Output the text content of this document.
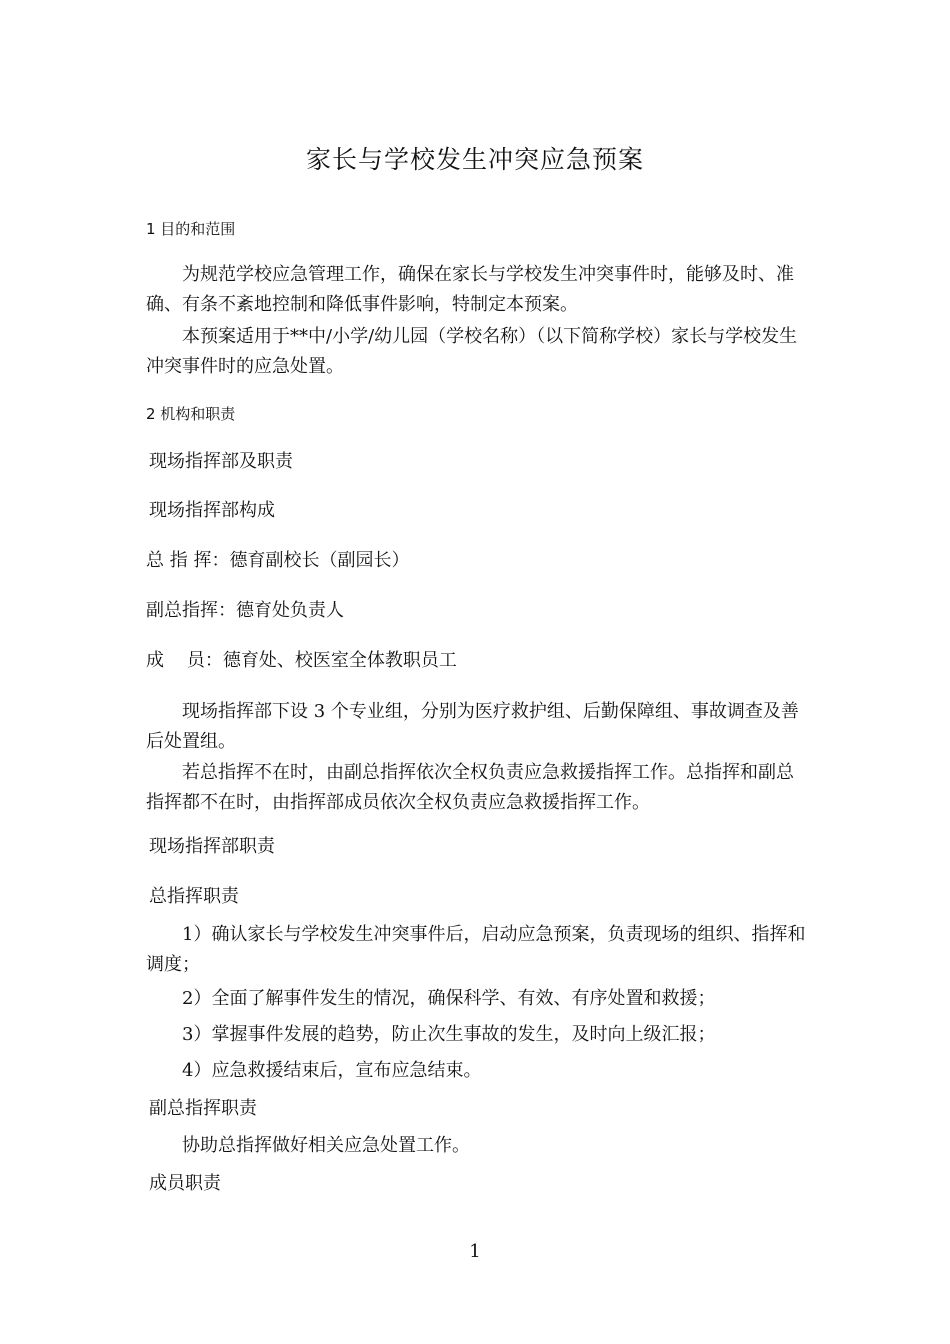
家长与学校发生冲突应急预案
1 目的和范围

为规范学校应急管理工作，确保在家长与学校发生冲突事件时，能够及时、准确、有条不紊地控制和降低事件影响，特制定本预案。

本预案适用于**中/小学/幼儿园（学校名称）（以下简称学校）家长与学校发生冲突事件时的应急处置。

2 机构和职责
现场指挥部及职责
现场指挥部构成
总 指 挥：德育副校长（副园长）
副总指挥：德育处负责人
成    员：德育处、校医室全体教职员工

现场指挥部下设 3 个专业组，分别为医疗救护组、后勤保障组、事故调查及善后处置组。

若总指挥不在时，由副总指挥依次全权负责应急救援指挥工作。总指挥和副总指挥都不在时，由指挥部成员依次全权负责应急救援指挥工作。

现场指挥部职责
总指挥职责

1）确认家长与学校发生冲突事件后，启动应急预案，负责现场的组织、指挥和调度；

2）全面了解事件发生的情况，确保科学、有效、有序处置和救援；

3）掌握事件发展的趋势，防止次生事故的发生，及时向上级汇报；

4）应急救援结束后，宣布应急结束。

副总指挥职责

协助总指挥做好相关应急处置工作。

成员职责
1
